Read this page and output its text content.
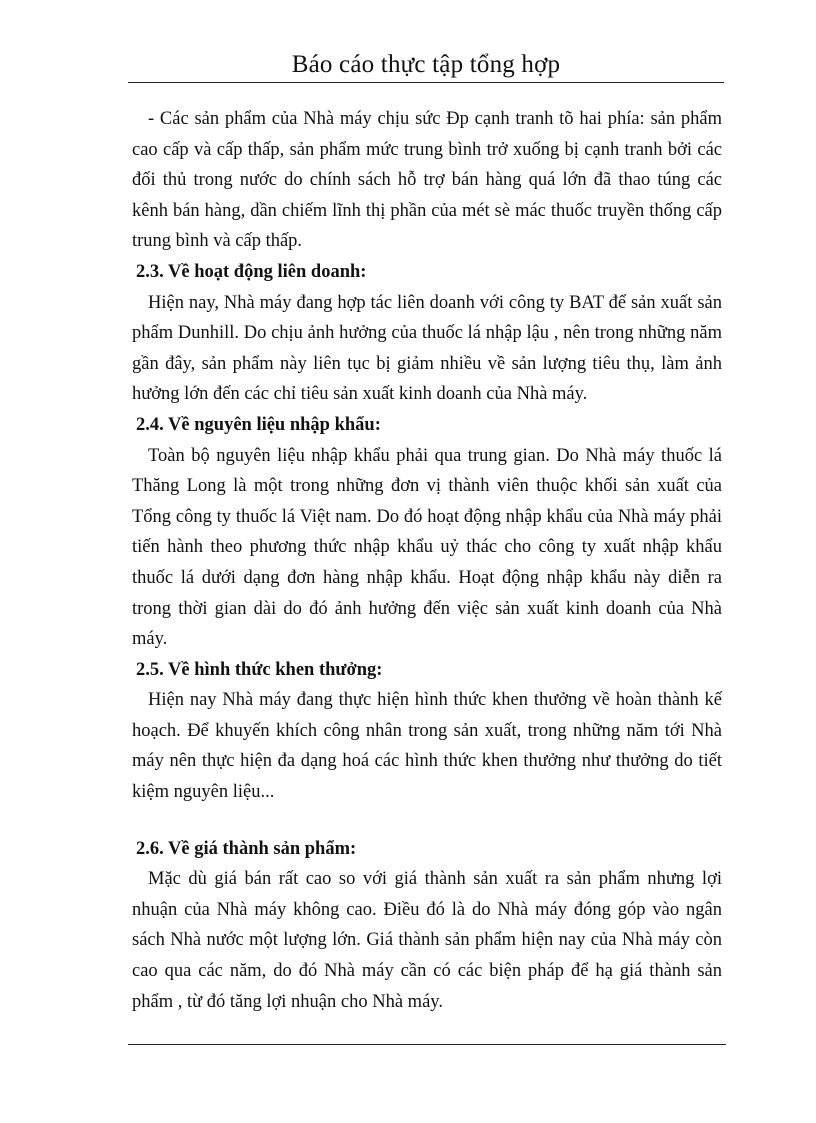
Báo cáo thực tập tổng hợp

- Các sản phẩm của Nhà máy chịu sức Ðp cạnh tranh tõ hai phía: sản phẩm cao cấp và cấp thấp, sản phẩm mức trung bình trở xuống bị cạnh tranh bởi các đối thủ trong nước do chính sách hỗ trợ bán hàng quá lớn đã thao túng các kênh bán hàng, dần chiếm lĩnh thị phần của mét sè mác thuốc truyền thống cấp trung bình và cấp thấp.

2.3. Về hoạt động liên doanh:

Hiện nay, Nhà máy đang hợp tác liên doanh với công ty BAT để sản xuất sản phẩm Dunhill. Do chịu ảnh hưởng của thuốc lá nhập lậu , nên trong những năm gần đây, sản phẩm này liên tục bị giảm nhiều về sản lượng tiêu thụ, làm ảnh hưởng lớn đến các chỉ tiêu sản xuất kinh doanh của Nhà máy.

2.4. Về nguyên liệu nhập khẩu:

Toàn bộ nguyên liệu nhập khẩu phải qua trung gian. Do Nhà máy thuốc lá Thăng Long là một trong những đơn vị thành viên thuộc khối sản xuất của Tổng công ty thuốc lá Việt nam. Do đó hoạt động nhập khẩu của Nhà máy phải tiến hành theo phương thức nhập khẩu uỷ thác cho công ty xuất nhập khẩu thuốc lá dưới dạng đơn hàng nhập khẩu. Hoạt động nhập khẩu này diễn ra trong thời gian dài do đó ảnh hưởng đến việc sản xuất kinh doanh của Nhà máy.

2.5. Về hình thức khen thưởng:

Hiện nay Nhà máy đang thực hiện hình thức khen thưởng về hoàn thành kế hoạch. Để khuyến khích công nhân trong sản xuất, trong những năm tới Nhà máy nên thực hiện đa dạng hoá các hình thức khen thưởng như thưởng do tiết kiệm nguyên liệu...

2.6. Về giá thành sản phẩm:

Mặc dù giá bán rất cao so với giá thành sản xuất ra sản phẩm nhưng lợi nhuận của Nhà máy không cao. Điều đó là do Nhà máy đóng góp vào ngân sách Nhà nước một lượng lớn. Giá thành sản phẩm hiện nay của Nhà máy còn cao qua các năm, do đó Nhà máy cần có các biện pháp để hạ giá thành sản phẩm , từ đó tăng lợi nhuận cho Nhà máy.
